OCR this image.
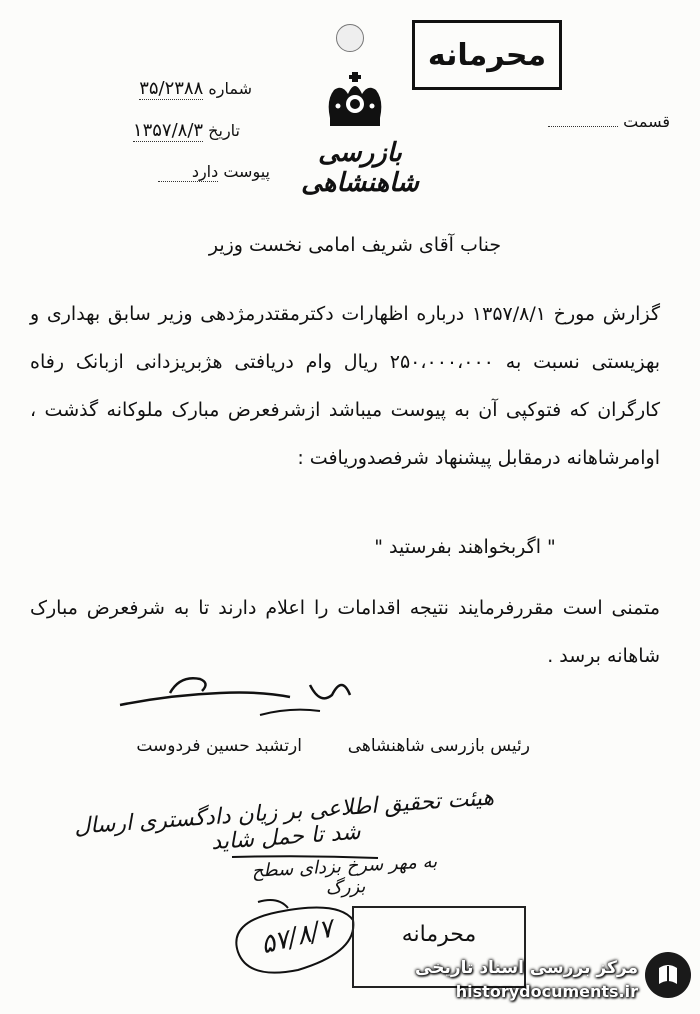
محرمانه
بازرسی شاهنشاهی
شماره ۳۵/۲۳۸۸
تاریخ ۱۳۵۷/۸/۳
پیوست دارد
قسمت
جناب آقای شریف امامی نخست وزیر
گزارش مورخ ۱۳۵۷/۸/۱ درباره اظهارات دکترمقتدرمژدهی وزیر سابق بهداری و بهزیستی نسبت به ۲۵۰،۰۰۰،۰۰۰ ریال وام دریافتی هژبریزدانی ازبانک رفاه کارگران که فتوکپی آن به پیوست میباشد ازشرفعرض مبارک ملوکانه گذشت ، اوامرشاهانه درمقابل پیشنهاد شرفصدوریافت :
" اگربخواهند بفرستید "
متمنی است مقررفرمایند نتیجه اقدامات را اعلام دارند تا به شرفعرض مبارک شاهانه برسد .
رئیس بازرسی شاهنشاهی
ارتشبد حسین فردوست
هیئت تحقیق اطلاعی بر زیان دادگستری ارسال شد تا حمل شاید
به مهر سرخ بزدای سطح بزرگ
۵۷/۸/۷	محرمانه
مرکز بررسی اسناد تاریخی
historydocuments.ir
